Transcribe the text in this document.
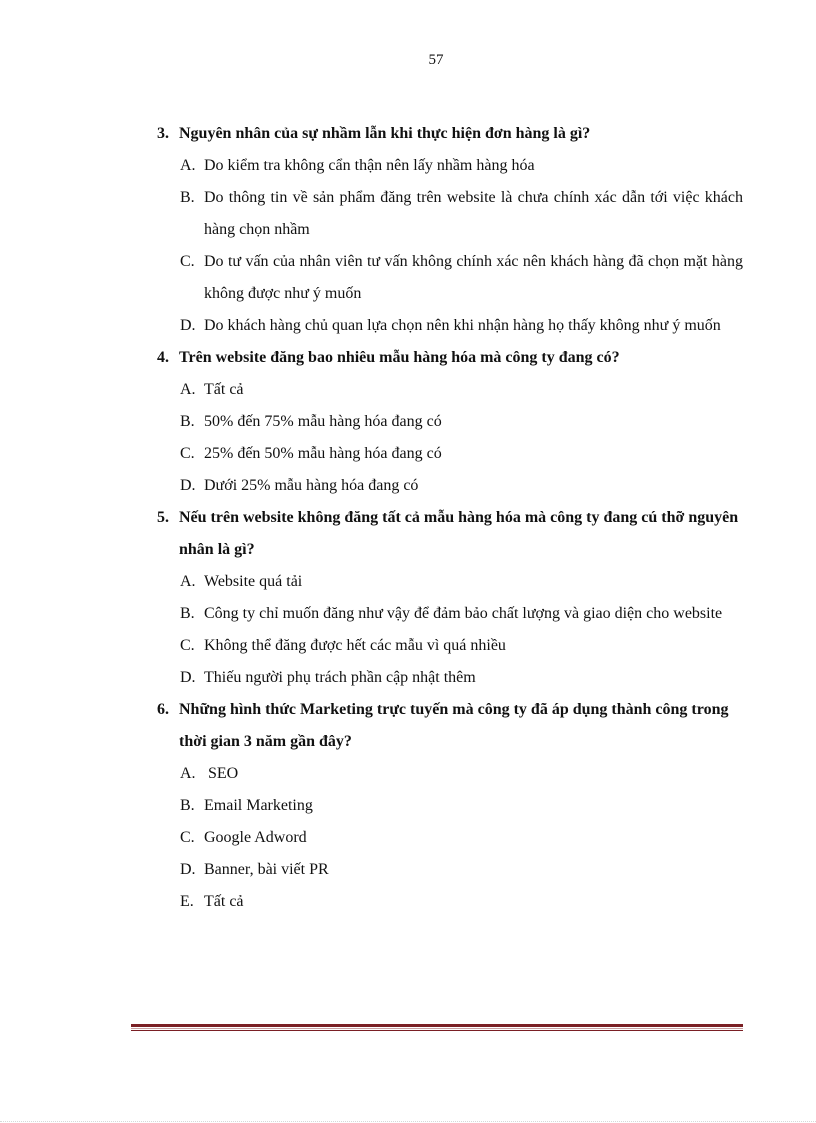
57
3. Nguyên nhân của sự nhầm lẫn khi thực hiện đơn hàng là gì?
A. Do kiểm tra không cẩn thận nên lấy nhầm hàng hóa
B. Do thông tin về sản phẩm đăng trên website là chưa chính xác dẫn tới việc khách hàng chọn nhầm
C. Do tư vấn của nhân viên tư vấn không chính xác nên khách hàng đã chọn mặt hàng không được như ý muốn
D. Do khách hàng chủ quan lựa chọn nên khi nhận hàng họ thấy không như ý muốn
4. Trên website đăng bao nhiêu mẫu hàng hóa mà công ty đang có?
A. Tất cả
B. 50% đến 75% mẫu hàng hóa đang có
C. 25% đến 50% mẫu hàng hóa đang có
D. Dưới 25% mẫu hàng hóa đang có
5. Nếu trên website không đăng tất cả mẫu hàng hóa mà công ty đang cú thỡ nguyên nhân là gì?
A. Website quá tải
B. Công ty chỉ muốn đăng như vậy để đảm bảo chất lượng và giao diện cho website
C. Không thể đăng được hết các mẫu vì quá nhiều
D. Thiếu người phụ trách phần cập nhật thêm
6. Những hình thức Marketing trực tuyến mà công ty đã áp dụng thành công trong thời gian 3 năm gần đây?
A. SEO
B. Email Marketing
C. Google Adword
D. Banner, bài viết PR
E. Tất cả
